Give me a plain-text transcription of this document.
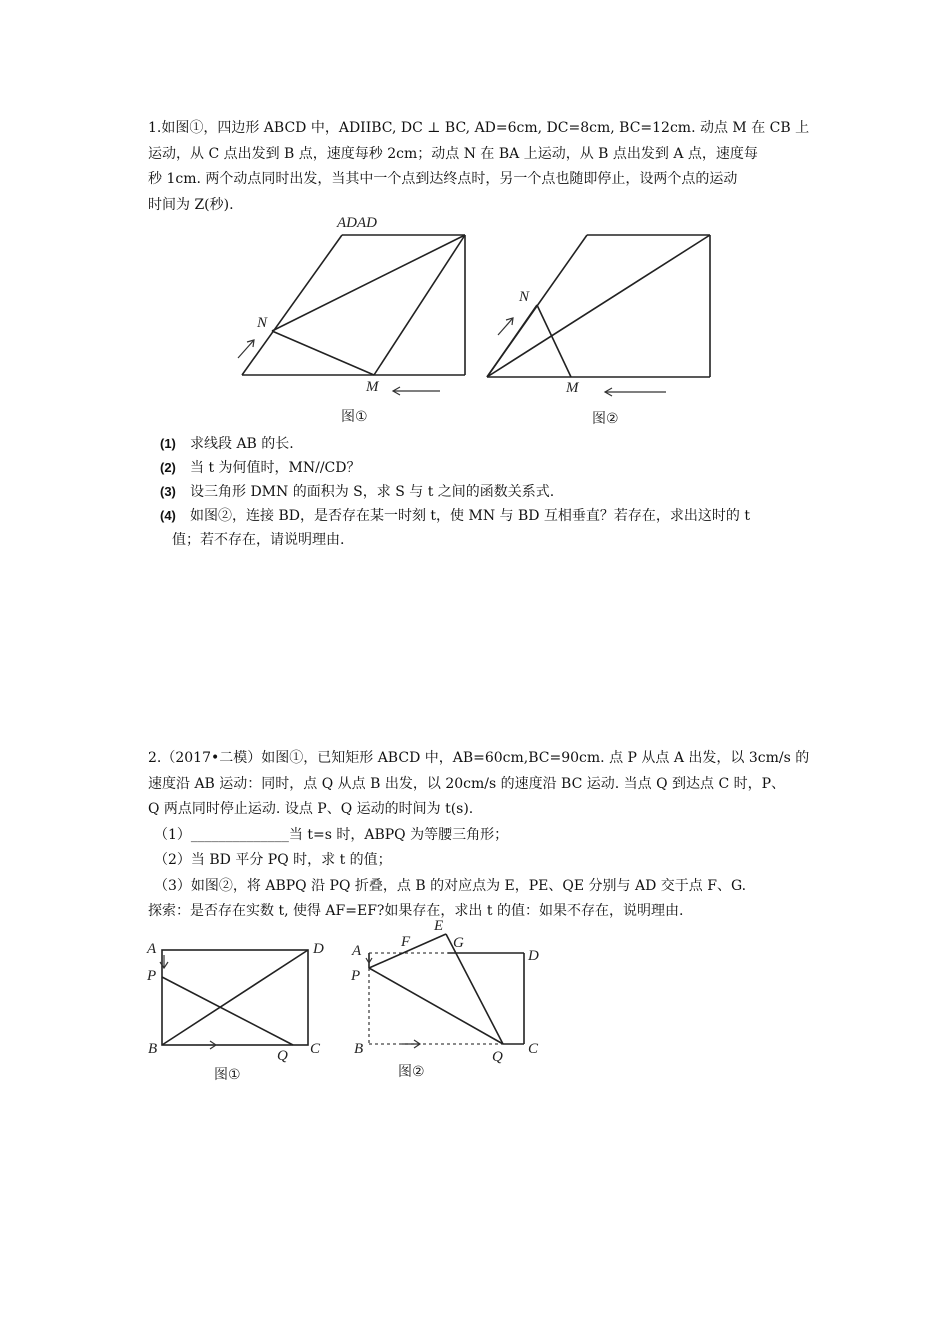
1.如图①，四边形 ABCD 中，ADIIBC, DC ⊥ BC, AD=6cm, DC=8cm, BC=12cm. 动点 M 在 CB 上
运动，从 C 点出发到 B 点，速度每秒 2cm；动点 N 在 BA 上运动，从 B 点出发到 A 点，速度每
秒 1cm. 两个动点同时出发，当其中一个点到达终点时，另一个点也随即停止，设两个点的运动
时间为 Z(秒).
ADAD
N
M
图①
N
M
图②
(1) 求线段 AB 的长.
(2) 当 t 为何值时，MN//CD？
(3) 设三角形 DMN 的面积为 S，求 S 与 t 之间的函数关系式.
(4) 如图②，连接 BD，是否存在某一时刻 t，使 MN 与 BD 互相垂直？若存在，求出这时的 t
值；若不存在，请说明理由.
2.（2017•二模）如图①，已知矩形 ABCD 中，AB=60cm,BC=90cm. 点 P 从点 A 出发，以 3cm/s 的
速度沿 AB 运动：同时，点 Q 从点 B 出发，以 20cm/s 的速度沿 BC 运动. 当点 Q 到达点 C 时，P、
Q 两点同时停止运动. 设点 P、Q 运动的时间为 t(s).
（1）______________当 t=s 时，ABPQ 为等腰三角形；
（2）当 BD 平分 PQ 时，求 t 的值；
（3）如图②，将 ABPQ 沿 PQ 折叠，点 B 的对应点为 E，PE、QE 分别与 AD 交于点 F、G.
探索：是否存在实数 t, 使得 AF=EF?如果存在，求出 t 的值：如果不存在，说明理由.
A
P
B	Q C
D
图①
A
P
B	Q C
D
E
F	G
图②
